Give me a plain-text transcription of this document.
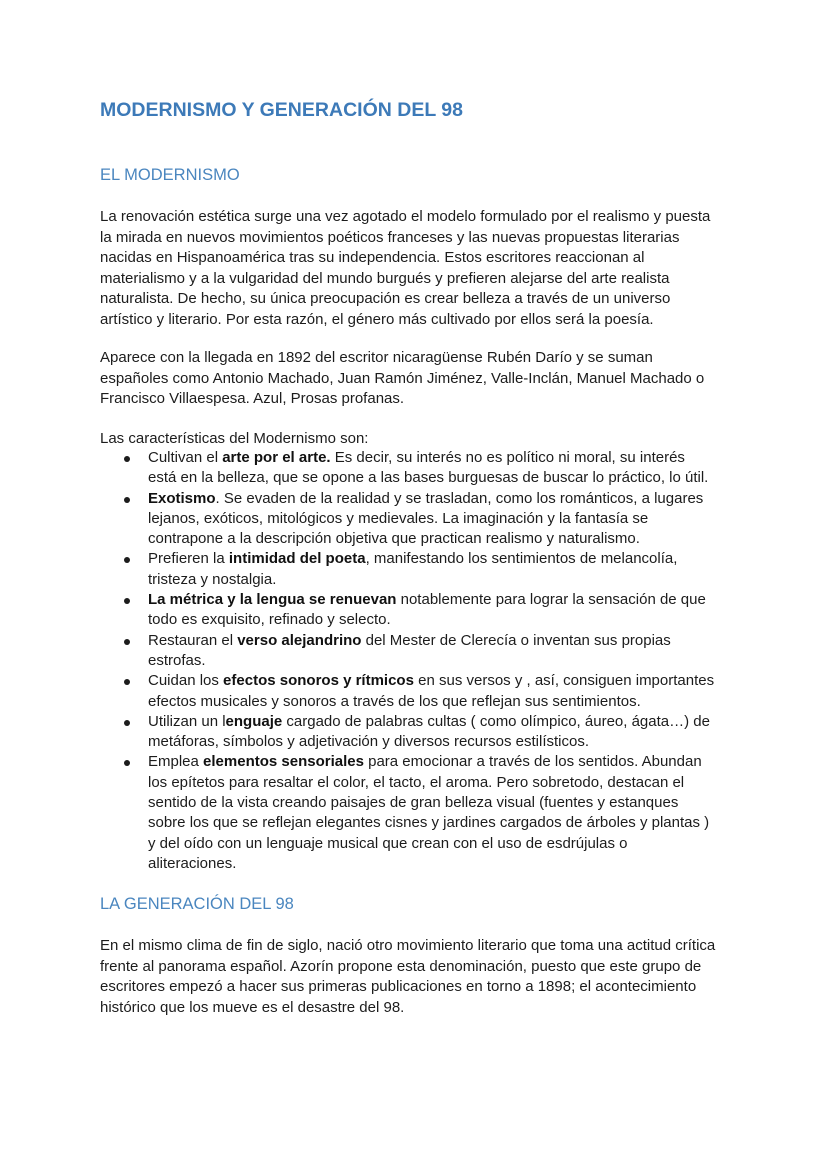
MODERNISMO Y GENERACIÓN DEL 98
EL MODERNISMO

La renovación estética surge una vez agotado el modelo formulado por el realismo y puesta
la mirada en nuevos movimientos poéticos franceses y las nuevas propuestas literarias
nacidas en Hispanoamérica tras su independencia. Estos escritores reaccionan al
materialismo y a la vulgaridad del mundo burgués y prefieren alejarse del arte realista
naturalista. De hecho, su única preocupación es crear belleza a través de un universo
artístico y literario. Por esta razón, el género más cultivado por ellos será la poesía.

Aparece con la llegada en 1892 del escritor nicaragüense Rubén Darío y se suman
españoles como Antonio Machado, Juan Ramón Jiménez, Valle-Inclán, Manuel Machado o
Francisco Villaespesa. Azul, Prosas profanas.

Las características del Modernismo son:

Cultivan el arte por el arte. Es decir, su interés no es político ni moral, su interés
está en la belleza, que se opone a las bases burguesas de buscar lo práctico, lo útil.
Exotismo. Se evaden de la realidad y se trasladan, como los románticos, a lugares
lejanos, exóticos, mitológicos y medievales. La imaginación y la fantasía se
contrapone a la descripción objetiva que practican realismo y naturalismo.
Prefieren la intimidad del poeta, manifestando los sentimientos de melancolía,
tristeza y nostalgia.
La métrica y la lengua se renuevan notablemente para lograr la sensación de que
todo es exquisito, refinado y selecto.
Restauran el verso alejandrino del Mester de Clerecía o inventan sus propias
estrofas.
Cuidan los efectos sonoros y rítmicos en sus versos y , así, consiguen importantes
efectos musicales y sonoros a través de los que reflejan sus sentimientos.
Utilizan un lenguaje cargado de palabras cultas ( como olímpico, áureo, ágata…) de
metáforas, símbolos y adjetivación y diversos recursos estilísticos.
Emplea elementos sensoriales para emocionar a través de los sentidos. Abundan
los epítetos para resaltar el color, el tacto, el aroma. Pero sobretodo, destacan el
sentido de la vista creando paisajes de gran belleza visual (fuentes y estanques
sobre los que se reflejan elegantes cisnes y jardines cargados de árboles y plantas )
y del oído con un lenguaje musical que crean con el uso de esdrújulas o
aliteraciones.
LA GENERACIÓN DEL 98

En el mismo clima de fin de siglo, nació otro movimiento literario que toma una actitud crítica
frente al panorama español. Azorín propone esta denominación, puesto que este grupo de
escritores empezó a hacer sus primeras publicaciones en torno a 1898; el acontecimiento
histórico que los mueve es el desastre del 98.
